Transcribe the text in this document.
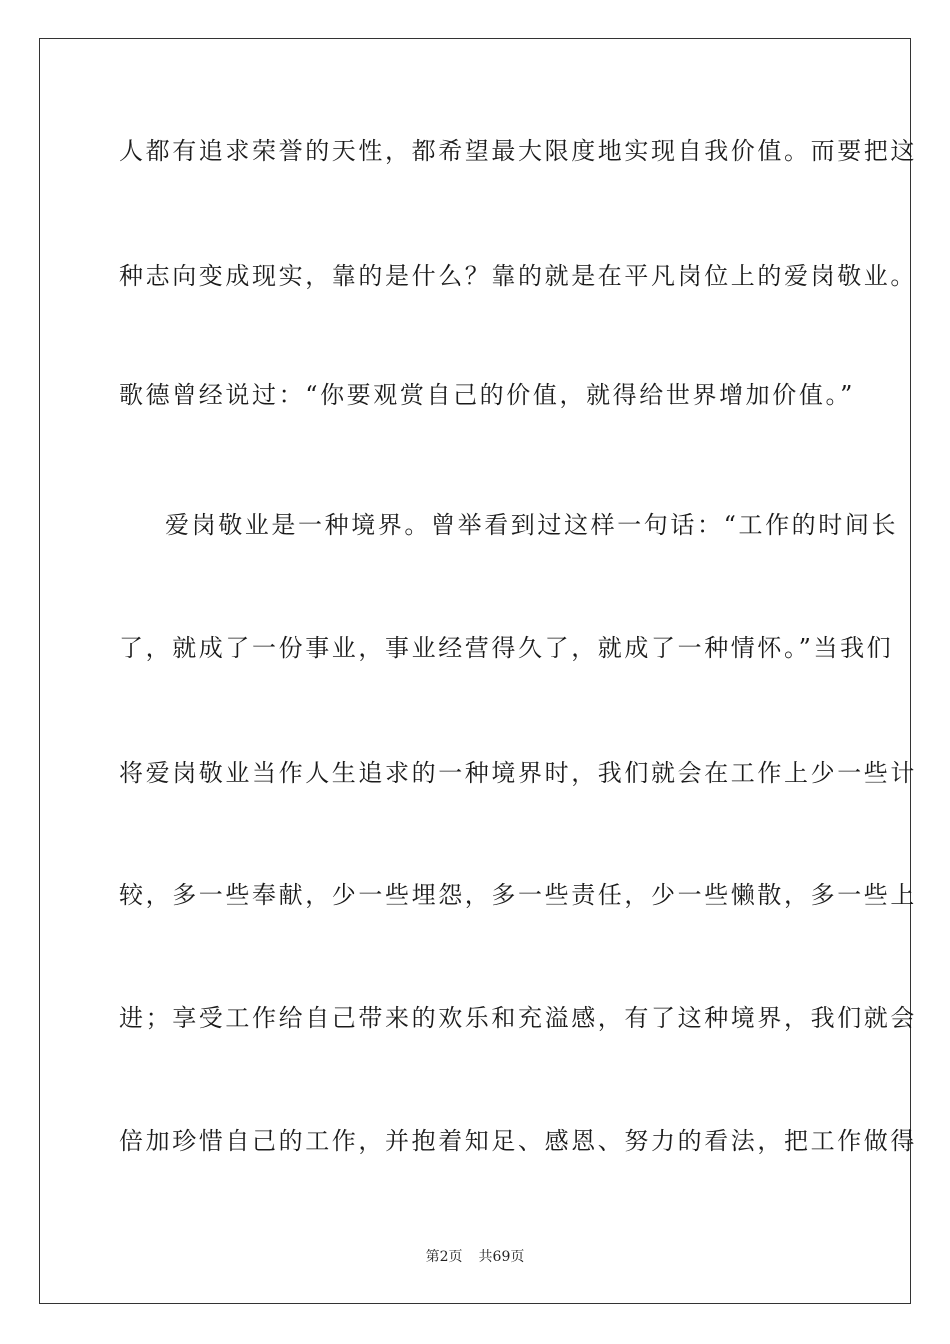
人都有追求荣誉的天性，都希望最大限度地实现自我价值。而要把这
种志向变成现实，靠的是什么？靠的就是在平凡岗位上的爱岗敬业。
歌德曾经说过：“你要观赏自己的价值，就得给世界增加价值。”
爱岗敬业是一种境界。曾举看到过这样一句话：“工作的时间长
了，就成了一份事业，事业经营得久了，就成了一种情怀。”当我们
将爱岗敬业当作人生追求的一种境界时，我们就会在工作上少一些计
较，多一些奉献，少一些埋怨，多一些责任，少一些懒散，多一些上
进；享受工作给自己带来的欢乐和充溢感，有了这种境界，我们就会
倍加珍惜自己的工作，并抱着知足、感恩、努力的看法，把工作做得
第2页 共69页
